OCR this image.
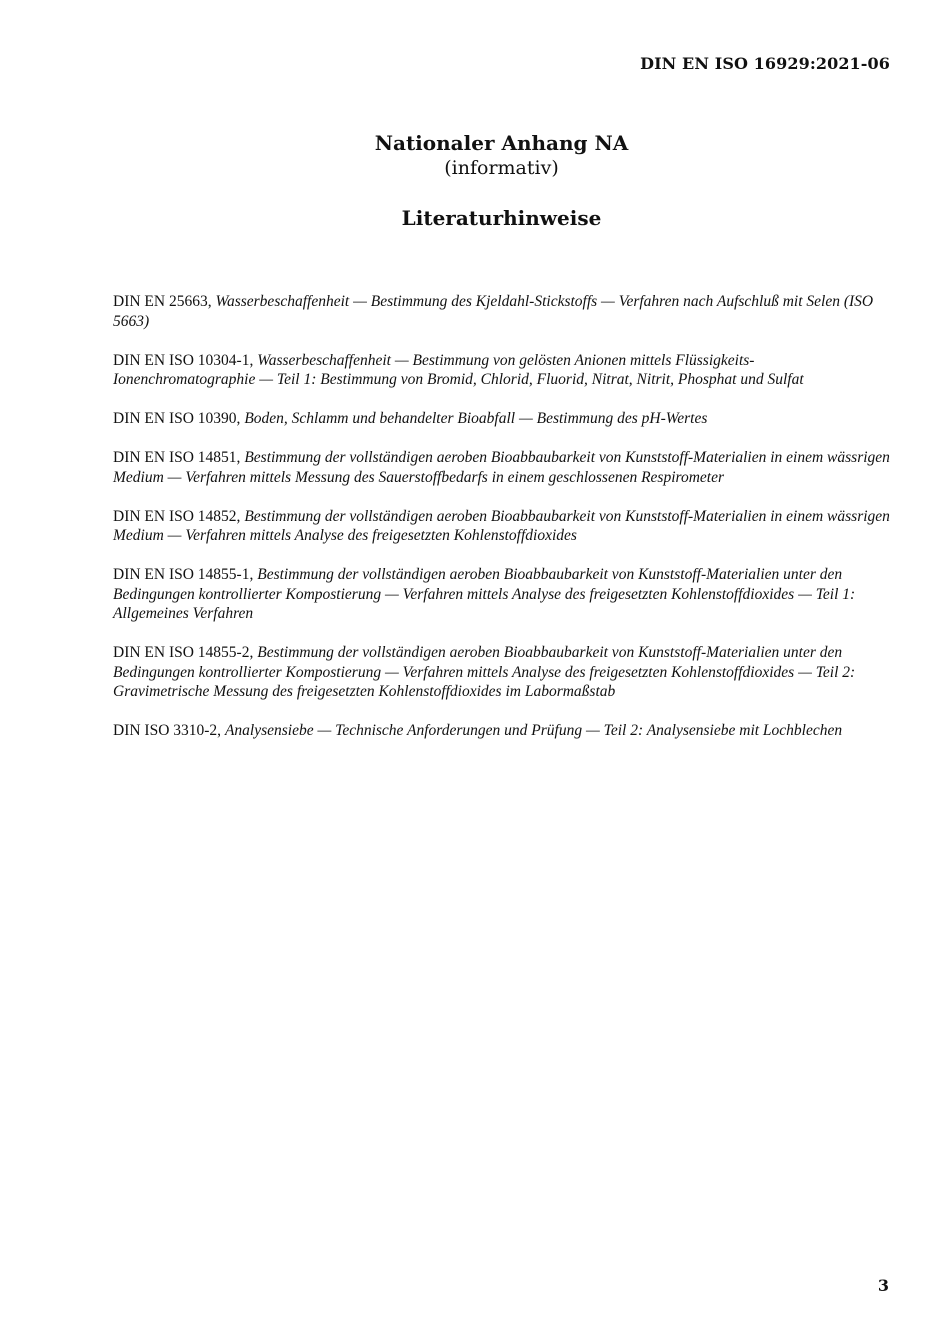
DIN EN ISO 16929:2021-06
Nationaler Anhang NA
(informativ)
Literaturhinweise

DIN EN 25663, Wasserbeschaffenheit — Bestimmung des Kjeldahl-Stickstoffs — Verfahren nach Aufschluß mit Selen (ISO 5663)

DIN EN ISO 10304-1, Wasserbeschaffenheit — Bestimmung von gelösten Anionen mittels Flüssigkeits-Ionenchromatographie — Teil 1: Bestimmung von Bromid, Chlorid, Fluorid, Nitrat, Nitrit, Phosphat und Sulfat

DIN EN ISO 10390, Boden, Schlamm und behandelter Bioabfall — Bestimmung des pH-Wertes

DIN EN ISO 14851, Bestimmung der vollständigen aeroben Bioabbaubarkeit von Kunststoff-Materialien in einem wässrigen Medium — Verfahren mittels Messung des Sauerstoffbedarfs in einem geschlossenen Respirometer

DIN EN ISO 14852, Bestimmung der vollständigen aeroben Bioabbaubarkeit von Kunststoff-Materialien in einem wässrigen Medium — Verfahren mittels Analyse des freigesetzten Kohlenstoffdioxides

DIN EN ISO 14855-1, Bestimmung der vollständigen aeroben Bioabbaubarkeit von Kunststoff-Materialien unter den Bedingungen kontrollierter Kompostierung — Verfahren mittels Analyse des freigesetzten Kohlenstoffdioxides — Teil 1: Allgemeines Verfahren

DIN EN ISO 14855-2, Bestimmung der vollständigen aeroben Bioabbaubarkeit von Kunststoff-Materialien unter den Bedingungen kontrollierter Kompostierung — Verfahren mittels Analyse des freigesetzten Kohlenstoffdioxides — Teil 2: Gravimetrische Messung des freigesetzten Kohlenstoffdioxides im Labormaßstab

DIN ISO 3310-2, Analysensiebe — Technische Anforderungen und Prüfung — Teil 2: Analysensiebe mit Lochblechen

3
